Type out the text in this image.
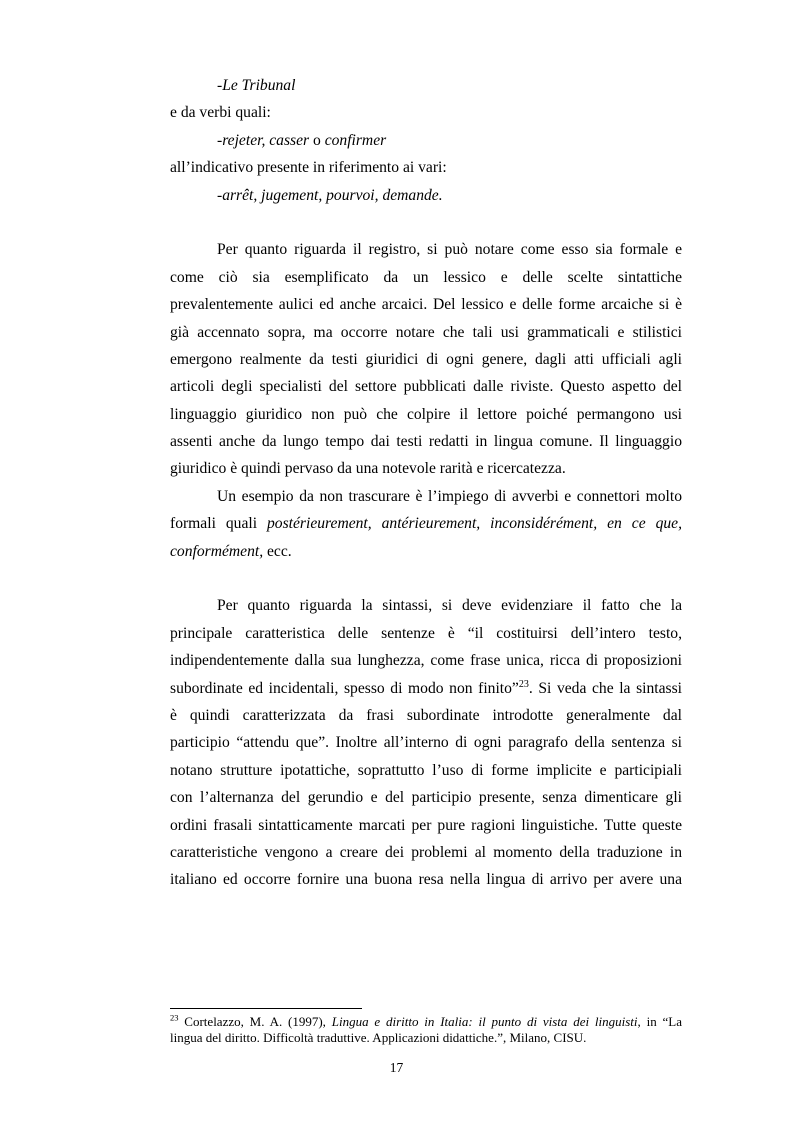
-Le Tribunal
e da verbi quali:
-rejeter, casser o confirmer
all’indicativo presente in riferimento ai vari:
-arrêt, jugement, pourvoi, demande.
Per quanto riguarda il registro, si può notare come esso sia formale e
come ciò sia esemplificato da un lessico e delle scelte sintattiche
prevalentemente aulici ed anche arcaici. Del lessico e delle forme arcaiche si è
già accennato sopra, ma occorre notare che tali usi grammaticali e stilistici
emergono realmente da testi giuridici di ogni genere, dagli atti ufficiali agli
articoli degli specialisti del settore pubblicati dalle riviste. Questo aspetto del
linguaggio giuridico non può che colpire il lettore poiché permangono usi
assenti anche da lungo tempo dai testi redatti in lingua comune. Il linguaggio
giuridico è quindi pervaso da una notevole rarità e ricercatezza.
Un esempio da non trascurare è l’impiego di avverbi e connettori molto
formali quali postérieurement, antérieurement, inconsidérément, en ce que,
conformément, ecc.
Per quanto riguarda la sintassi, si deve evidenziare il fatto che la
principale caratteristica delle sentenze è “il costituirsi dell’intero testo,
indipendentemente dalla sua lunghezza, come frase unica, ricca di proposizioni
subordinate ed incidentali, spesso di modo non finito”$^{23}$. Si veda che la sintassi
è quindi caratterizzata da frasi subordinate introdotte generalmente dal
participio “attendu que”. Inoltre all’interno di ogni paragrafo della sentenza si
notano strutture ipotattiche, soprattutto l’uso di forme implicite e participiali
con l’alternanza del gerundio e del participio presente, senza dimenticare gli
ordini frasali sintatticamente marcati per pure ragioni linguistiche. Tutte queste
caratteristiche vengono a creare dei problemi al momento della traduzione in
italiano ed occorre fornire una buona resa nella lingua di arrivo per avere una
$^{23}$ Cortelazzo, M. A. (1997), Lingua e diritto in Italia: il punto di vista dei linguisti, in “La
lingua del diritto. Difficoltà traduttive. Applicazioni didattiche.”, Milano, CISU.
17
